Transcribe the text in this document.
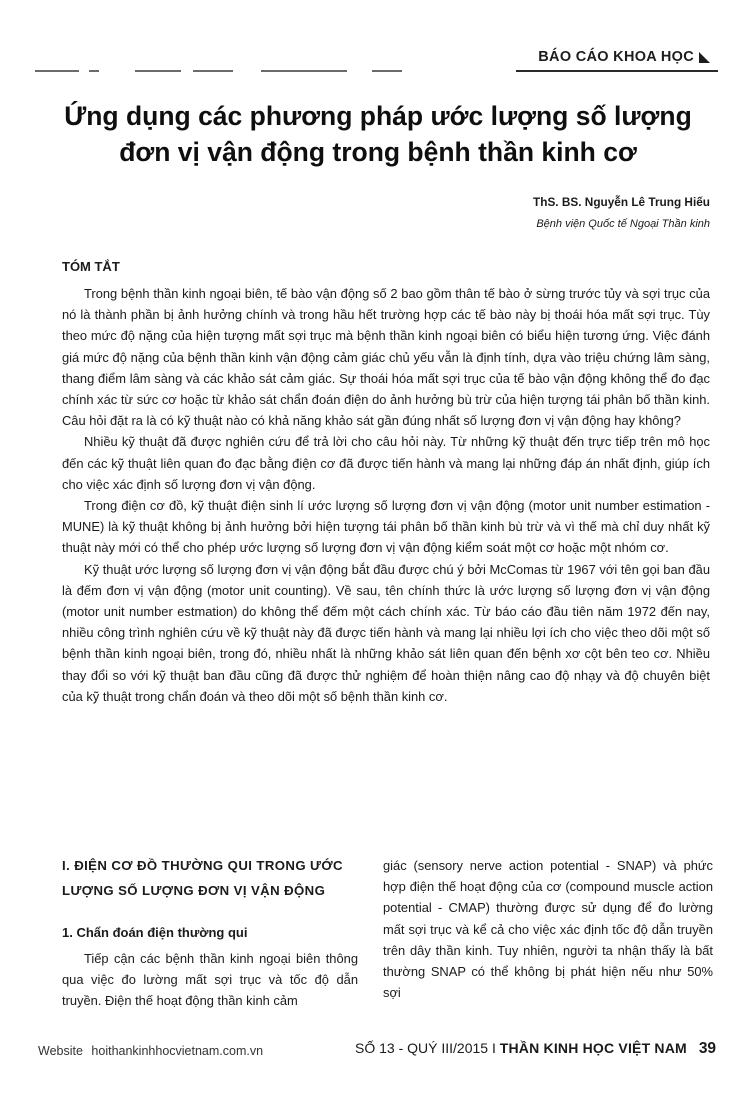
BÁO CÁO KHOA HỌC
Ứng dụng các phương pháp ước lượng số lượng
đơn vị vận động trong bệnh thần kinh cơ
ThS. BS. Nguyễn Lê Trung Hiếu
Bệnh viện Quốc tế Ngoại Thần kinh
TÓM TẮT

Trong bệnh thần kinh ngoại biên, tế bào vận động số 2 bao gồm thân tế bào ở sừng trước tủy và sợi trục của nó là thành phần bị ảnh hưởng chính và trong hầu hết trường hợp các tế bào này bị thoái hóa mất sợi trục. Tùy theo mức độ nặng của hiện tượng mất sợi trục mà bệnh thần kinh ngoại biên có biểu hiện tương ứng. Việc đánh giá mức độ nặng của bệnh thần kinh vận động cảm giác chủ yếu vẫn là định tính, dựa vào triệu chứng lâm sàng, thang điểm lâm sàng và các khảo sát cảm giác. Sự thoái hóa mất sợi trục của tế bào vận động không thể đo đạc chính xác từ sức cơ hoặc từ khảo sát chẩn đoán điện do ảnh hưởng bù trừ của hiện tượng tái phân bố thần kinh. Câu hỏi đặt ra là có kỹ thuật nào có khả năng khảo sát gần đúng nhất số lượng đơn vị vận động hay không?

Nhiều kỹ thuật đã được nghiên cứu để trả lời cho câu hỏi này. Từ những kỹ thuật đến trực tiếp trên mô học đến các kỹ thuật liên quan đo đạc bằng điện cơ đã được tiến hành và mang lại những đáp án nhất định, giúp ích cho việc xác định số lượng đơn vị vận động.

Trong điện cơ đồ, kỹ thuật điện sinh lí ước lượng số lượng đơn vị vận động (motor unit number estimation - MUNE) là kỹ thuật không bị ảnh hưởng bởi hiện tượng tái phân bố thần kinh bù trừ và vì thế mà chỉ duy nhất kỹ thuật này mới có thể cho phép ước lượng số lượng đơn vị vận động kiểm soát một cơ hoặc một nhóm cơ.

Kỹ thuật ước lượng số lượng đơn vị vận động bắt đầu được chú ý bởi McComas từ 1967 với tên gọi ban đầu là đếm đơn vị vận động (motor unit counting). Về sau, tên chính thức là ước lượng số lượng đơn vị vận động (motor unit number estmation) do không thể đếm một cách chính xác. Từ báo cáo đầu tiên năm 1972 đến nay, nhiều công trình nghiên cứu về kỹ thuật này đã được tiến hành và mang lại nhiều lợi ích cho việc theo dõi một số bệnh thần kinh ngoại biên, trong đó, nhiều nhất là những khảo sát liên quan đến bệnh xơ cột bên teo cơ. Nhiều thay đổi so với kỹ thuật ban đầu cũng đã được thử nghiệm để hoàn thiện nâng cao độ nhạy và độ chuyên biệt của kỹ thuật trong chẩn đoán và theo dõi một số bệnh thần kinh cơ.

I. ĐIỆN CƠ ĐỒ THƯỜNG QUI TRONG ƯỚC LƯỢNG SỐ LƯỢNG ĐƠN VỊ VẬN ĐỘNG
1. Chẩn đoán điện thường qui

Tiếp cận các bệnh thần kinh ngoại biên thông qua việc đo lường mất sợi trục và tốc độ dẫn truyền. Điện thế hoạt động thần kinh cảm

giác (sensory nerve action potential - SNAP) và phức hợp điện thế hoạt động của cơ (compound muscle action potential - CMAP) thường được sử dụng để đo lường mất sợi trục và kể cả cho việc xác định tốc độ dẫn truyền trên dây thần kinh. Tuy nhiên, người ta nhận thấy là bất thường SNAP có thể không bị phát hiện nếu như 50% sợi

Website hoithankinhhocvietnam.com.vn	SỐ 13 - QUÝ III/2015 I THẦN KINH HỌC VIỆT NAM 39
